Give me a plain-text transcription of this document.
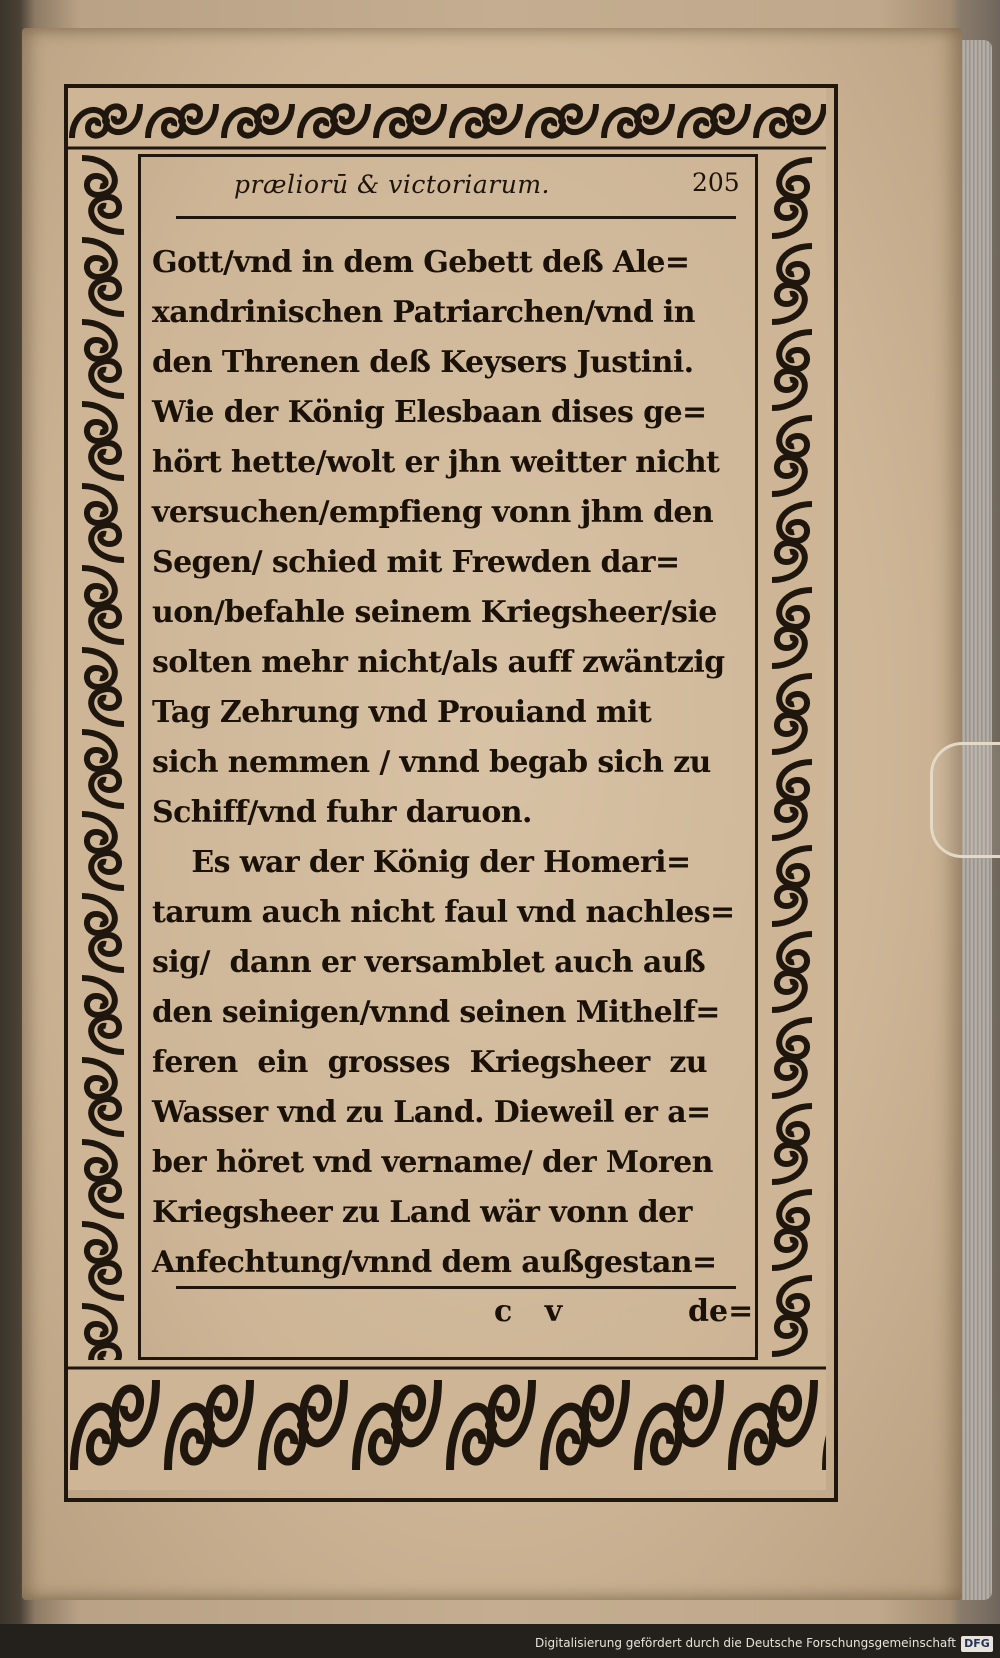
præliorū & victoriarum.	205
Gott/vnd in dem Gebett deß Ale=
xandrinischen Patriarchen/vnd in
den Threnen deß Keysers Justini.
Wie der König Elesbaan dises ge=
hört hette/wolt er jhn weitter nicht
versuchen/empfieng vonn jhm den
Segen/ schied mit Frewden dar=
uon/befahle seinem Kriegsheer/sie
solten mehr nicht/als auff zwäntzig
Tag Zehrung vnd Prouiand mit
sich nemmen / vnnd begab sich zu
Schiff/vnd fuhr daruon.
Es war der König der Homeri=
tarum auch nicht faul vnd nachles=
sig/  dann er versamblet auch auß
den seinigen/vnnd seinen Mithelf=
feren  ein  grosses  Kriegsheer  zu
Wasser vnd zu Land. Dieweil er a=
ber höret vnd vername/ der Moren
Kriegsheer zu Land wär vonn der
Anfechtung/vnnd dem außgestan=
c v	de=
Digitalisierung gefördert durch die Deutsche Forschungsgemeinschaft DFG
